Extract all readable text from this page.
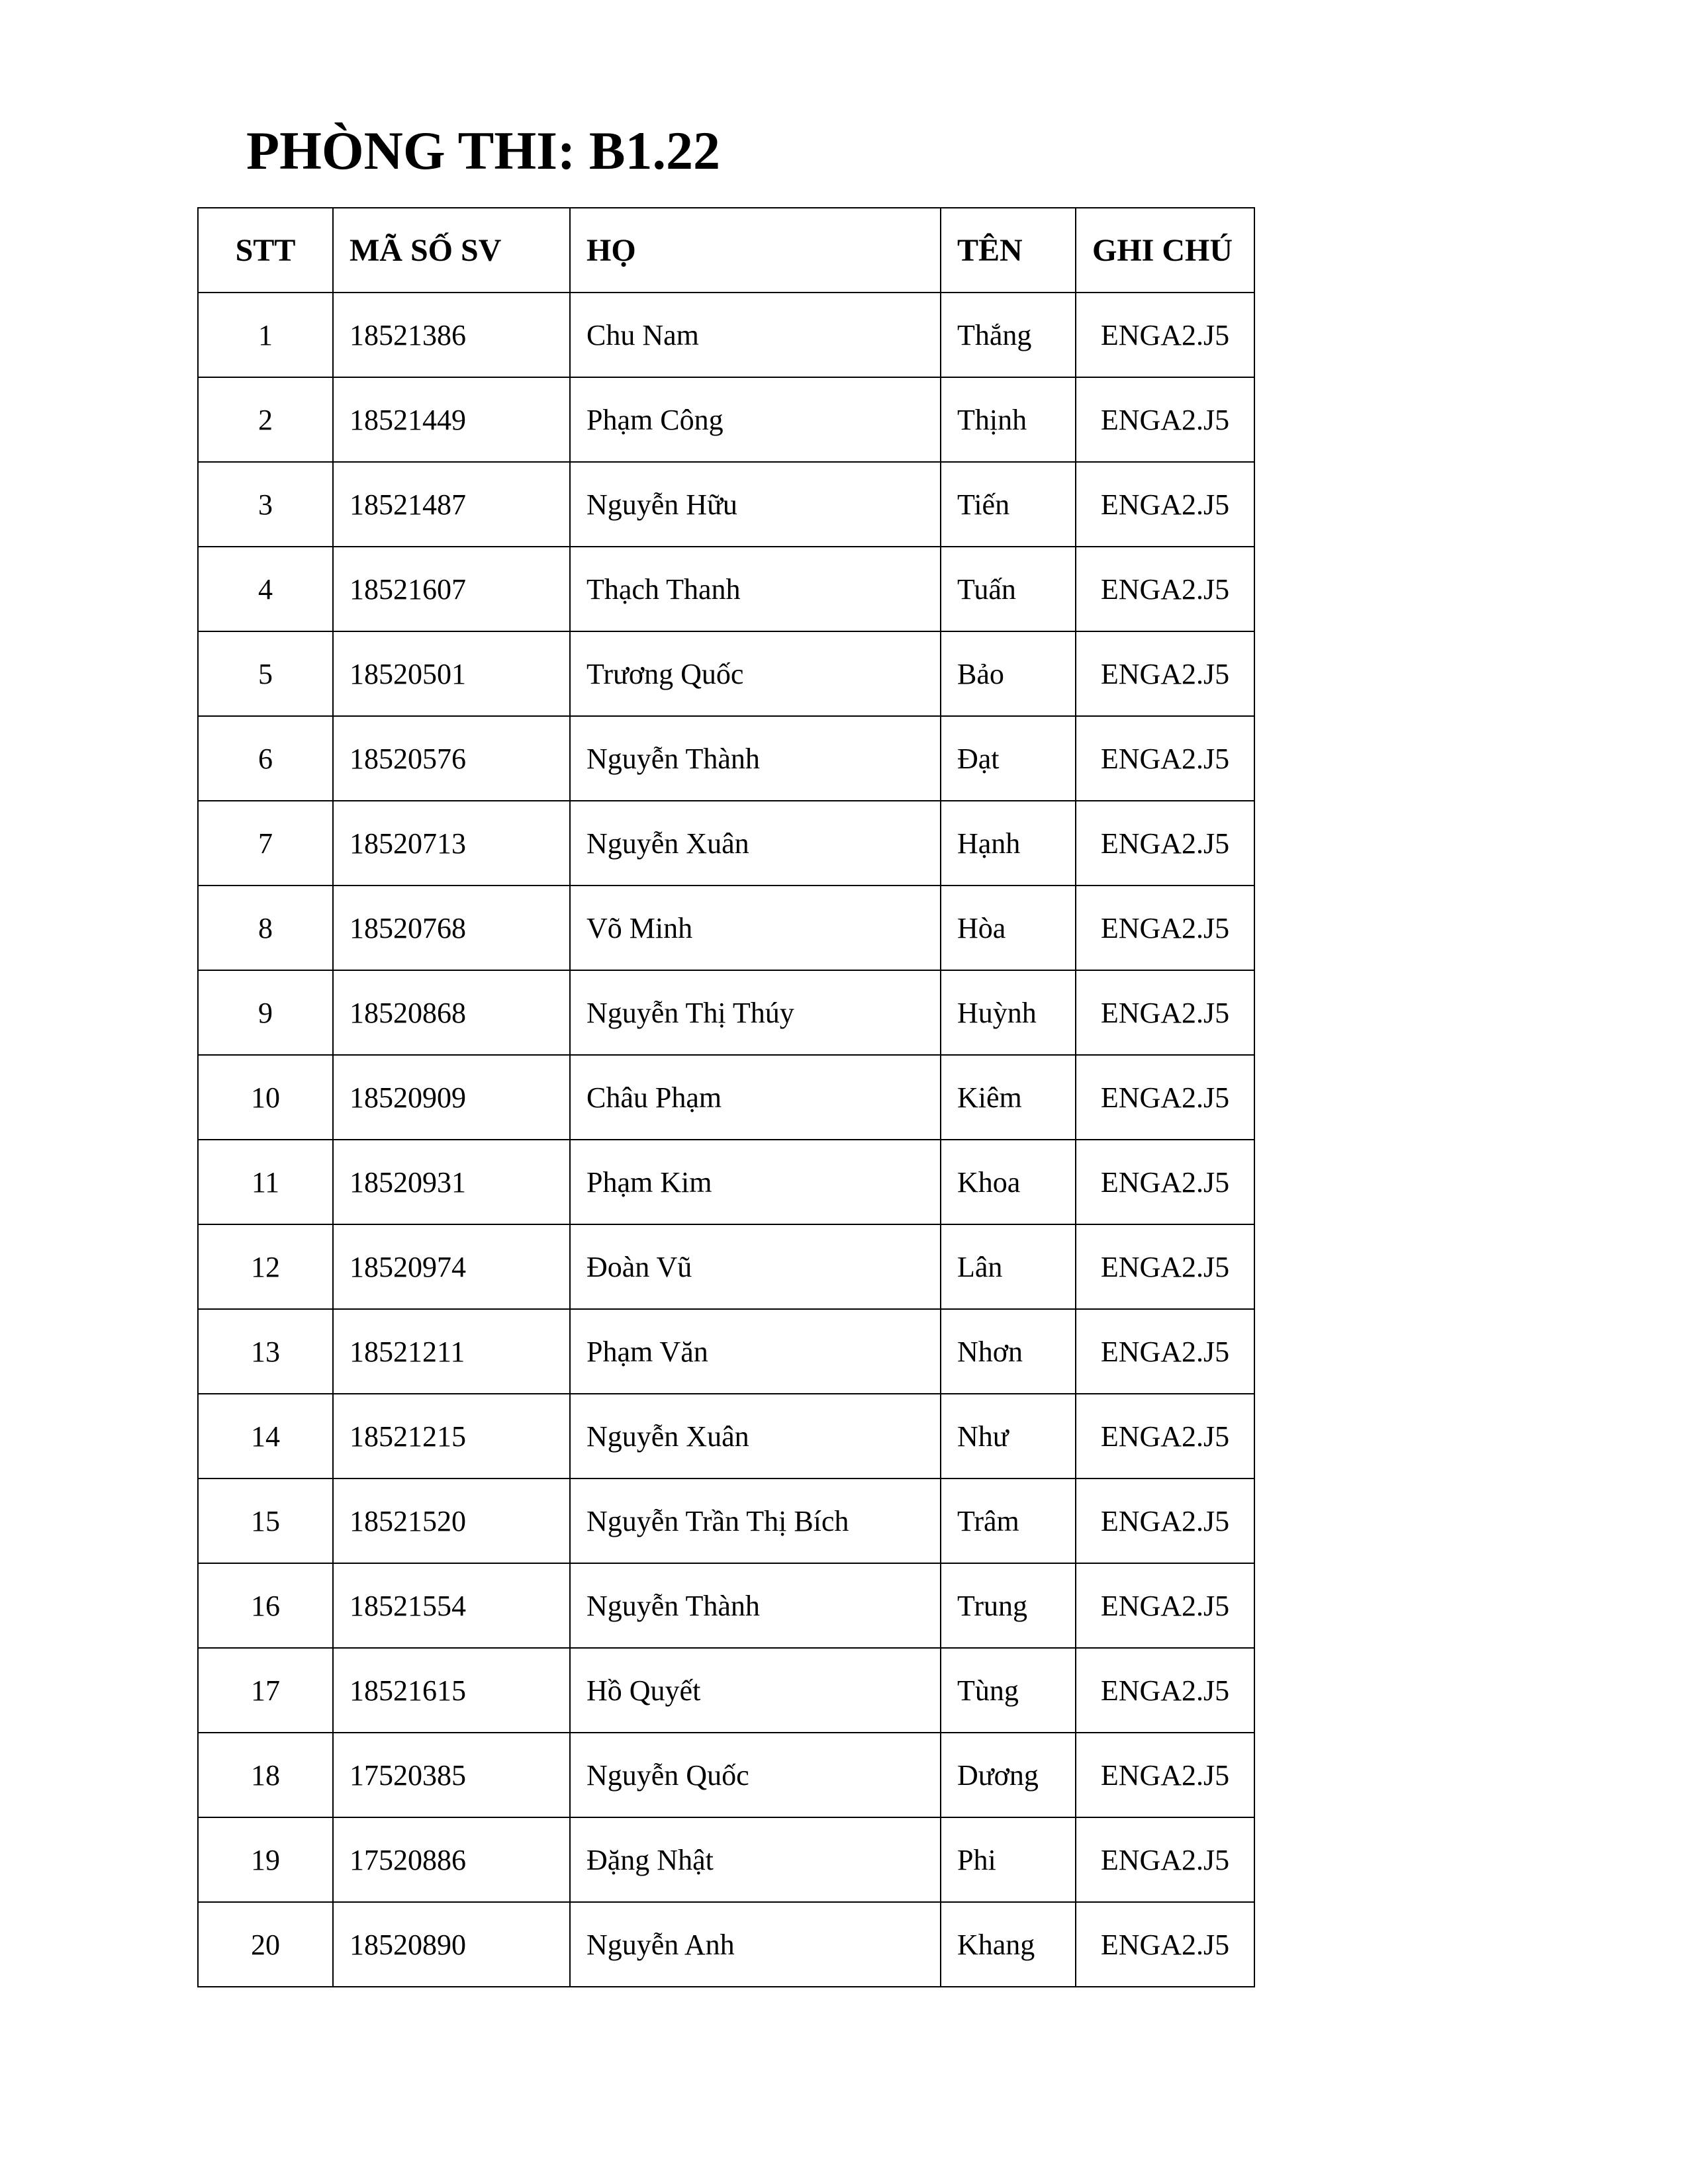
PHÒNG THI: B1.22
STT	MÃ SỐ SV	HỌ	TÊN	GHI CHÚ
1	18521386	Chu Nam	Thắng	ENGA2.J5
2	18521449	Phạm Công	Thịnh	ENGA2.J5
3	18521487	Nguyễn Hữu	Tiến	ENGA2.J5
4	18521607	Thạch Thanh	Tuấn	ENGA2.J5
5	18520501	Trương Quốc	Bảo	ENGA2.J5
6	18520576	Nguyễn Thành	Đạt	ENGA2.J5
7	18520713	Nguyễn Xuân	Hạnh	ENGA2.J5
8	18520768	Võ Minh	Hòa	ENGA2.J5
9	18520868	Nguyễn Thị Thúy	Huỳnh	ENGA2.J5
10	18520909	Châu Phạm	Kiêm	ENGA2.J5
11	18520931	Phạm Kim	Khoa	ENGA2.J5
12	18520974	Đoàn Vũ	Lân	ENGA2.J5
13	18521211	Phạm Văn	Nhơn	ENGA2.J5
14	18521215	Nguyễn Xuân	Như	ENGA2.J5
15	18521520	Nguyễn Trần Thị Bích	Trâm	ENGA2.J5
16	18521554	Nguyễn Thành	Trung	ENGA2.J5
17	18521615	Hồ Quyết	Tùng	ENGA2.J5
18	17520385	Nguyễn Quốc	Dương	ENGA2.J5
19	17520886	Đặng Nhật	Phi	ENGA2.J5
20	18520890	Nguyễn Anh	Khang	ENGA2.J5
